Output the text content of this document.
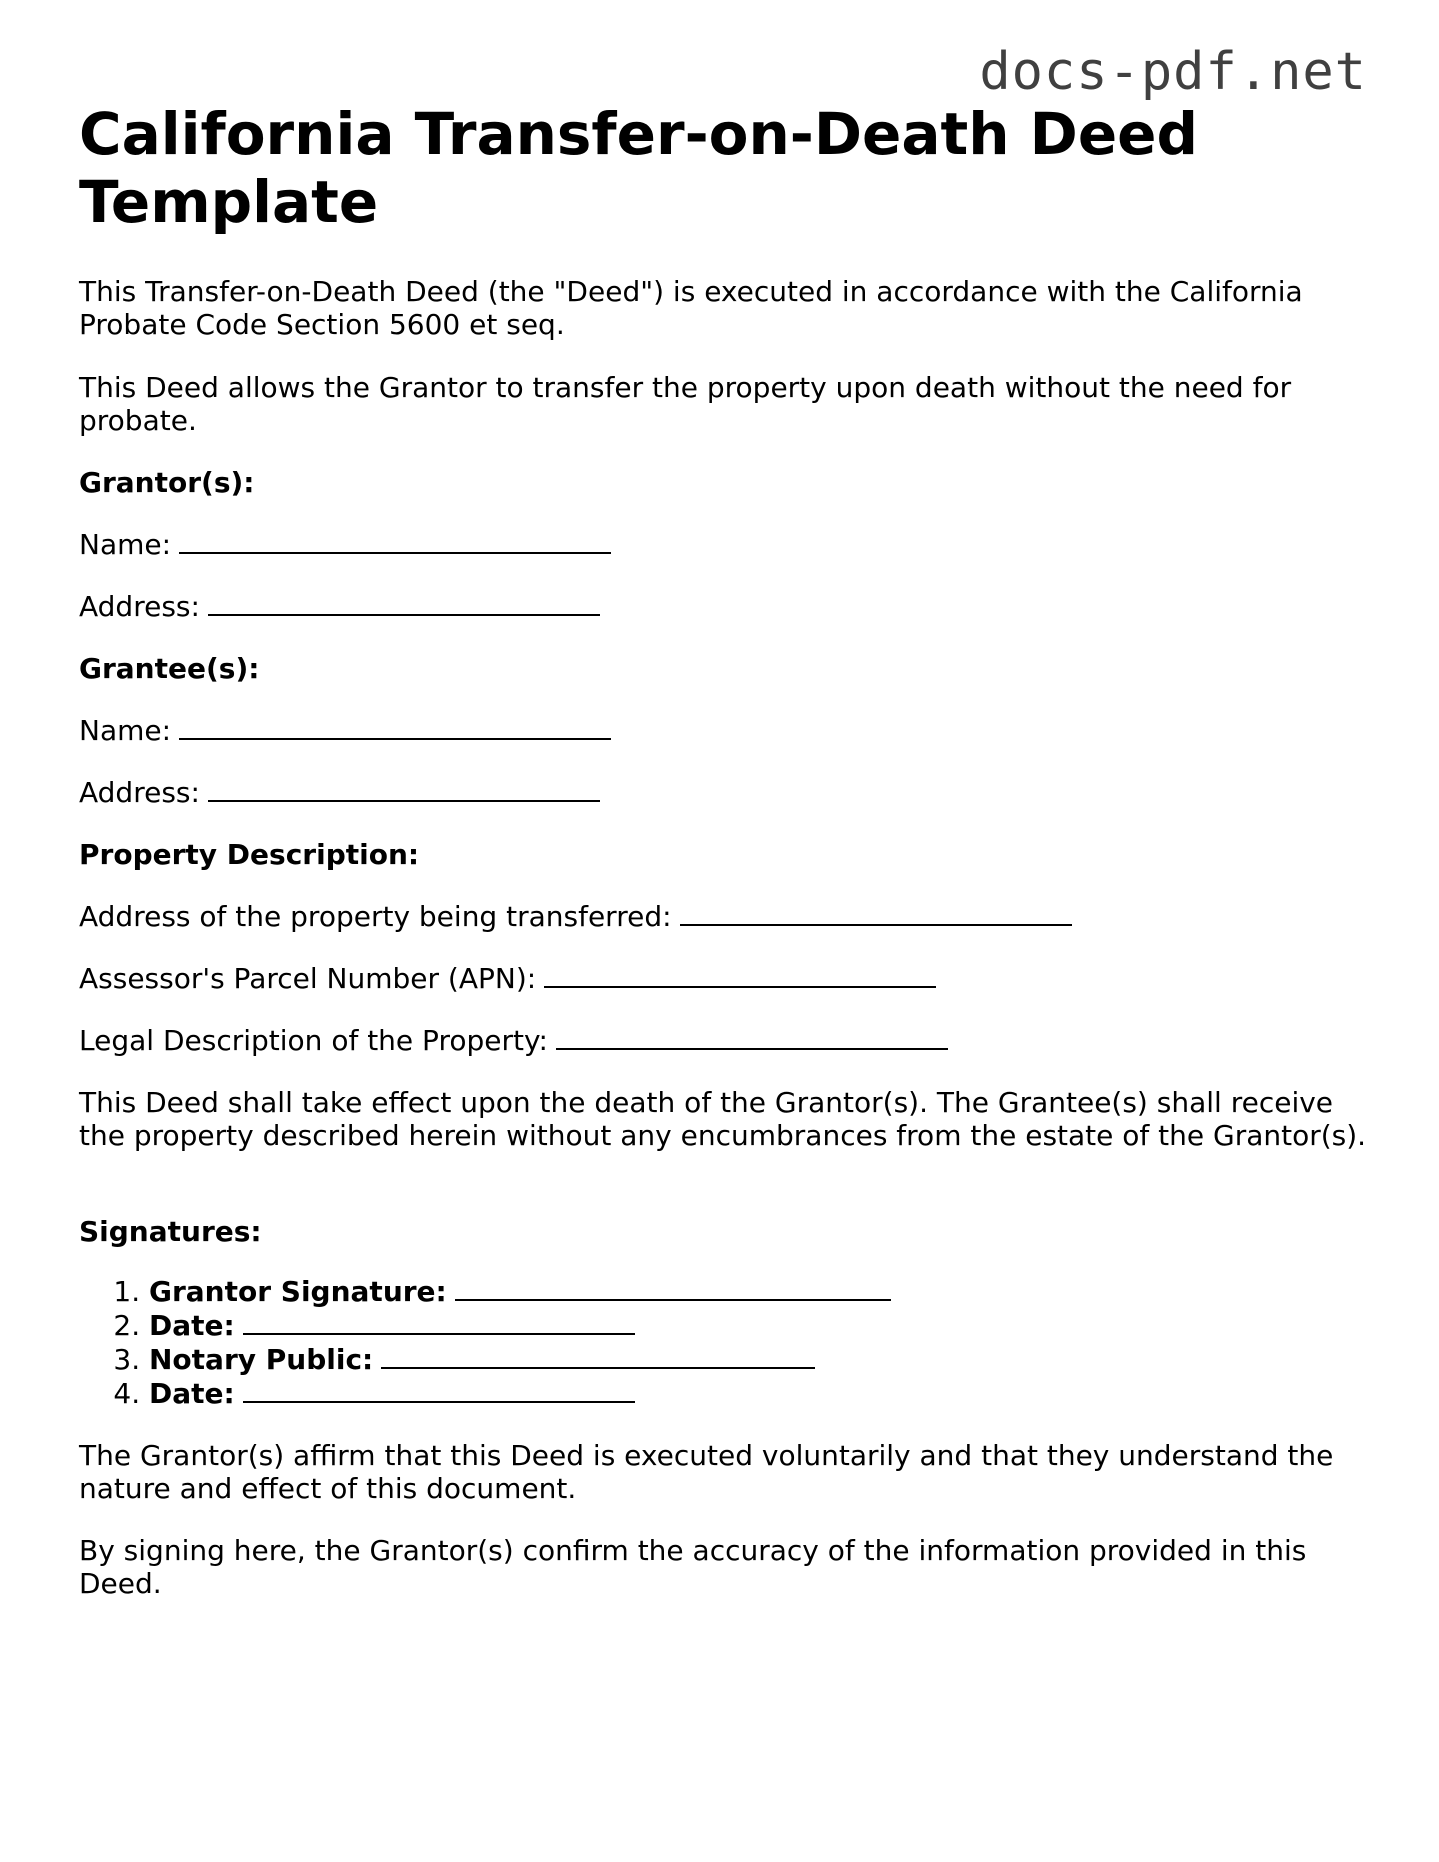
docs-pdf.net
California Transfer-on-Death Deed Template
This Transfer-on-Death Deed (the "Deed") is executed in accordance with the California Probate Code Section 5600 et seq.
This Deed allows the Grantor to transfer the property upon death without the need for probate.
Grantor(s):
Name:
Address:
Grantee(s):
Name:
Address:
Property Description:
Address of the property being transferred:
Assessor's Parcel Number (APN):
Legal Description of the Property:
This Deed shall take effect upon the death of the Grantor(s). The Grantee(s) shall receive the property described herein without any encumbrances from the estate of the Grantor(s).
Signatures:
1. Grantor Signature:
2. Date:
3. Notary Public:
4. Date:
The Grantor(s) affirm that this Deed is executed voluntarily and that they understand the nature and effect of this document.
By signing here, the Grantor(s) confirm the accuracy of the information provided in this Deed.
